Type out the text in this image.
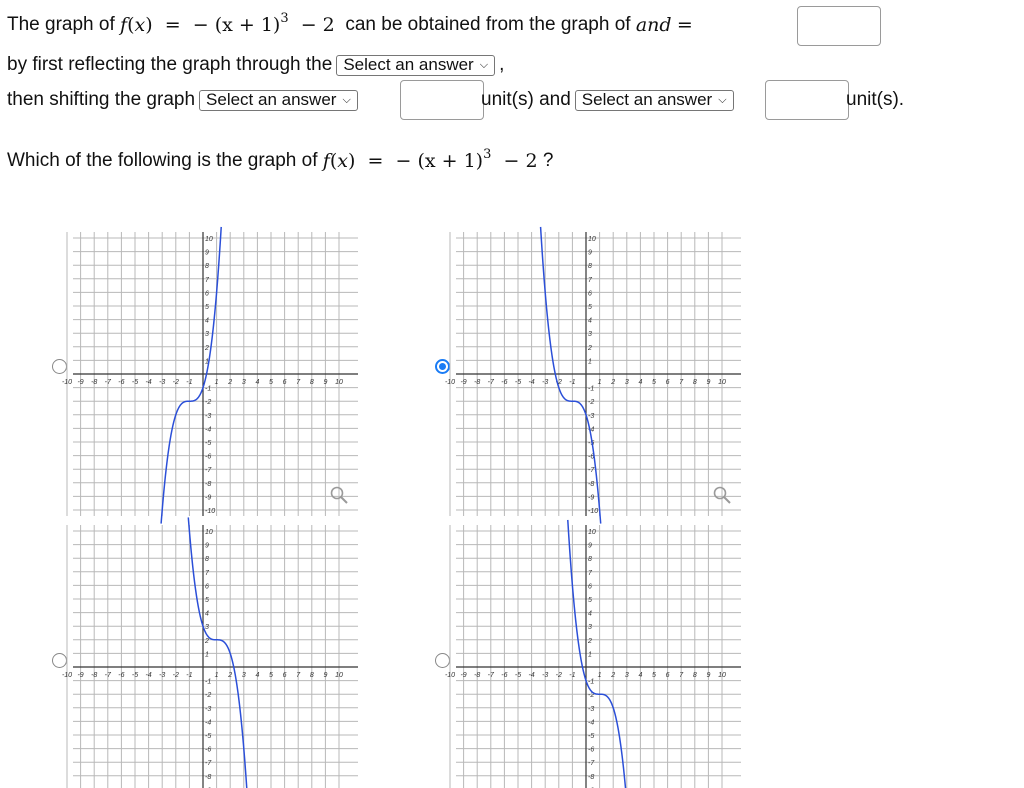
The graph of
f(x)  = − $(x + 1)^3 - 2$
can be obtained from the graph of
and
=
by first reflecting the graph through the Select an answer ⌵ ,
then shifting the graph Select an answer ⌵	unit(s) and Select an answer ⌵	unit(s).
Which of the following is the graph of
f(x)  = − $(x + 1)^3 - 2$
?
-10 -9 -8 -7 -6 -5 -4 -3 -2 -1	1 2 3 4 5 6 7 8 9 10
10
9
8
7
6
5
4
3
2
1
-1
-2
-3
-4
-5
-6
-7
-8
-9
-10
-10 -9 -8 -7 -6 -5 -4 -3 -2 -1	1 2 3 4 5 6 7 8 9 10
10
9
8
7
6
5
4
3
2
1
-1
-2
-3
-4
-5
-6
-7
-8
-9
-10
-10 -9 -8 -7 -6 -5 -4 -3 -2 -1	1 2 3 4 5 6 7 8 9 10
10
9
8
7
6
5
4
3
2
1
-1
-2
-3
-4
-5
-6
-7
-8
-10 -9 -8 -7 -6 -5 -4 -3 -2 -1	1 2 3 4 5 6 7 8 9 10
10
9
8
7
6
5
4
3
2
1
-1
-2
-3
-4
-5
-6
-7
-8
